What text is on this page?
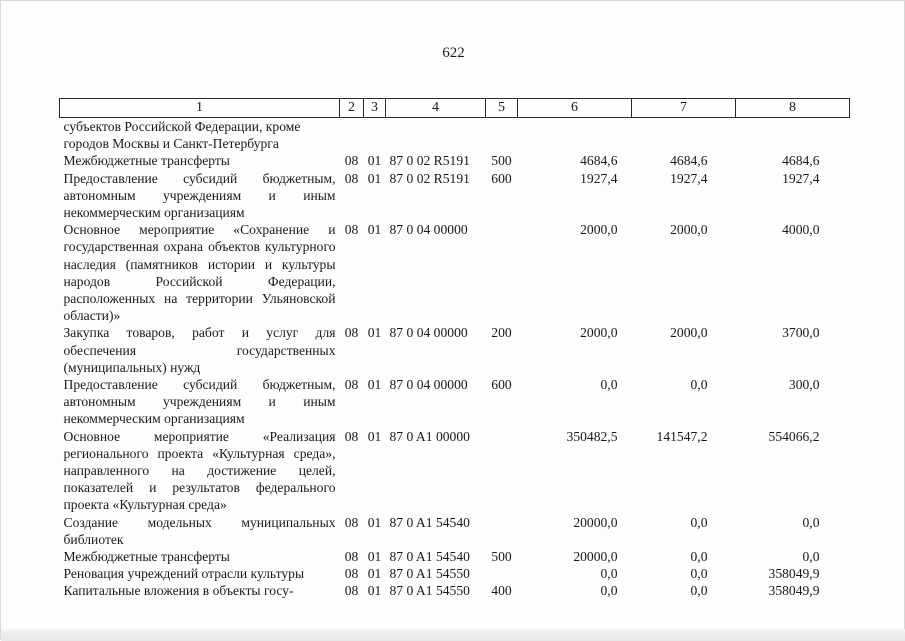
622
1	2	3	4	5	6	7	8
субъектов Российской Федерации, кроме городов Москвы и Санкт-Петербурга							
Межбюджетные трансферты	08	01	87 0 02 R5191	500	4684,6	4684,6	4684,6
Предоставление субсидий бюджетным, автономным учреждениям и иным некоммерческим организациям	08	01	87 0 02 R5191	600	1927,4	1927,4	1927,4
Основное мероприятие «Сохранение и государственная охрана объектов культурного наследия (памятников истории и культуры народов Российской Федерации, расположенных на территории Ульяновской области)»	08	01	87 0 04 00000		2000,0	2000,0	4000,0
Закупка товаров, работ и услуг для обеспечения государственных (муниципальных) нужд	08	01	87 0 04 00000	200	2000,0	2000,0	3700,0
Предоставление субсидий бюджетным, автономным учреждениям и иным некоммерческим организациям	08	01	87 0 04 00000	600	0,0	0,0	300,0
Основное мероприятие «Реализация регионального проекта «Культурная среда», направленного на достижение целей, показателей и результатов федерального проекта «Культурная среда»	08	01	87 0 A1 00000		350482,5	141547,2	554066,2
Создание модельных муниципальных библиотек	08	01	87 0 A1 54540		20000,0	0,0	0,0
Межбюджетные трансферты	08	01	87 0 A1 54540	500	20000,0	0,0	0,0
Реновация учреждений отрасли культуры	08	01	87 0 A1 54550		0,0	0,0	358049,9
Капитальные вложения в объекты госу-	08	01	87 0 A1 54550	400	0,0	0,0	358049,9
